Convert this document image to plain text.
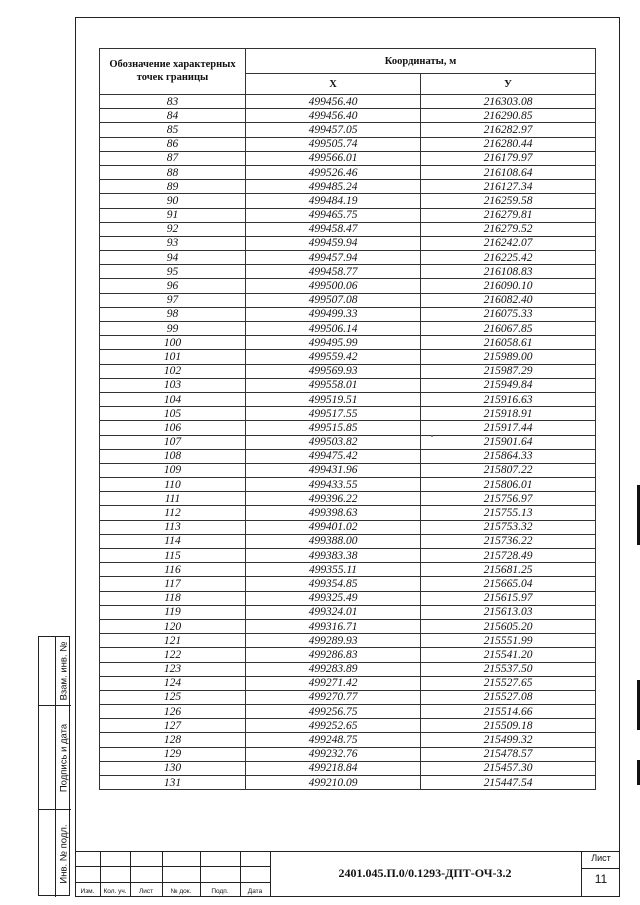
Обозначение характерных точек границы	Координаты, м	
	X	У
83	499456.40	216303.08
84	499456.40	216290.85
85	499457.05	216282.97
86	499505.74	216280.44
87	499566.01	216179.97
88	499526.46	216108.64
89	499485.24	216127.34
90	499484.19	216259.58
91	499465.75	216279.81
92	499458.47	216279.52
93	499459.94	216242.07
94	499457.94	216225.42
95	499458.77	216108.83
96	499500.06	216090.10
97	499507.08	216082.40
98	499499.33	216075.33
99	499506.14	216067.85
100	499495.99	216058.61
101	499559.42	215989.00
102	499569.93	215987.29
103	499558.01	215949.84
104	499519.51	215916.63
105	499517.55	215918.91
106	499515.85	215917.44
107	499503.82	215901.64
108	499475.42	215864.33
109	499431.96	215807.22
110	499433.55	215806.01
111	499396.22	215756.97
112	499398.63	215755.13
113	499401.02	215753.32
114	499388.00	215736.22
115	499383.38	215728.49
116	499355.11	215681.25
117	499354.85	215665.04
118	499325.49	215615.97
119	499324.01	215613.03
120	499316.71	215605.20
121	499289.93	215551.99
122	499286.83	215541.20
123	499283.89	215537.50
124	499271.42	215527.65
125	499270.77	215527.08
126	499256.75	215514.66
127	499252.65	215509.18
128	499248.75	215499.32
129	499232.76	215478.57
130	499218.84	215457.30
131	499210.09	215447.54
Взам. инв. №
Подпись и дата
Инв. № подл.
Изм.	Кол. уч.	Лист	№ док.	Подп.	Дата
2401.045.П.0/0.1293-ДПТ-ОЧ-3.2
Лист
11
